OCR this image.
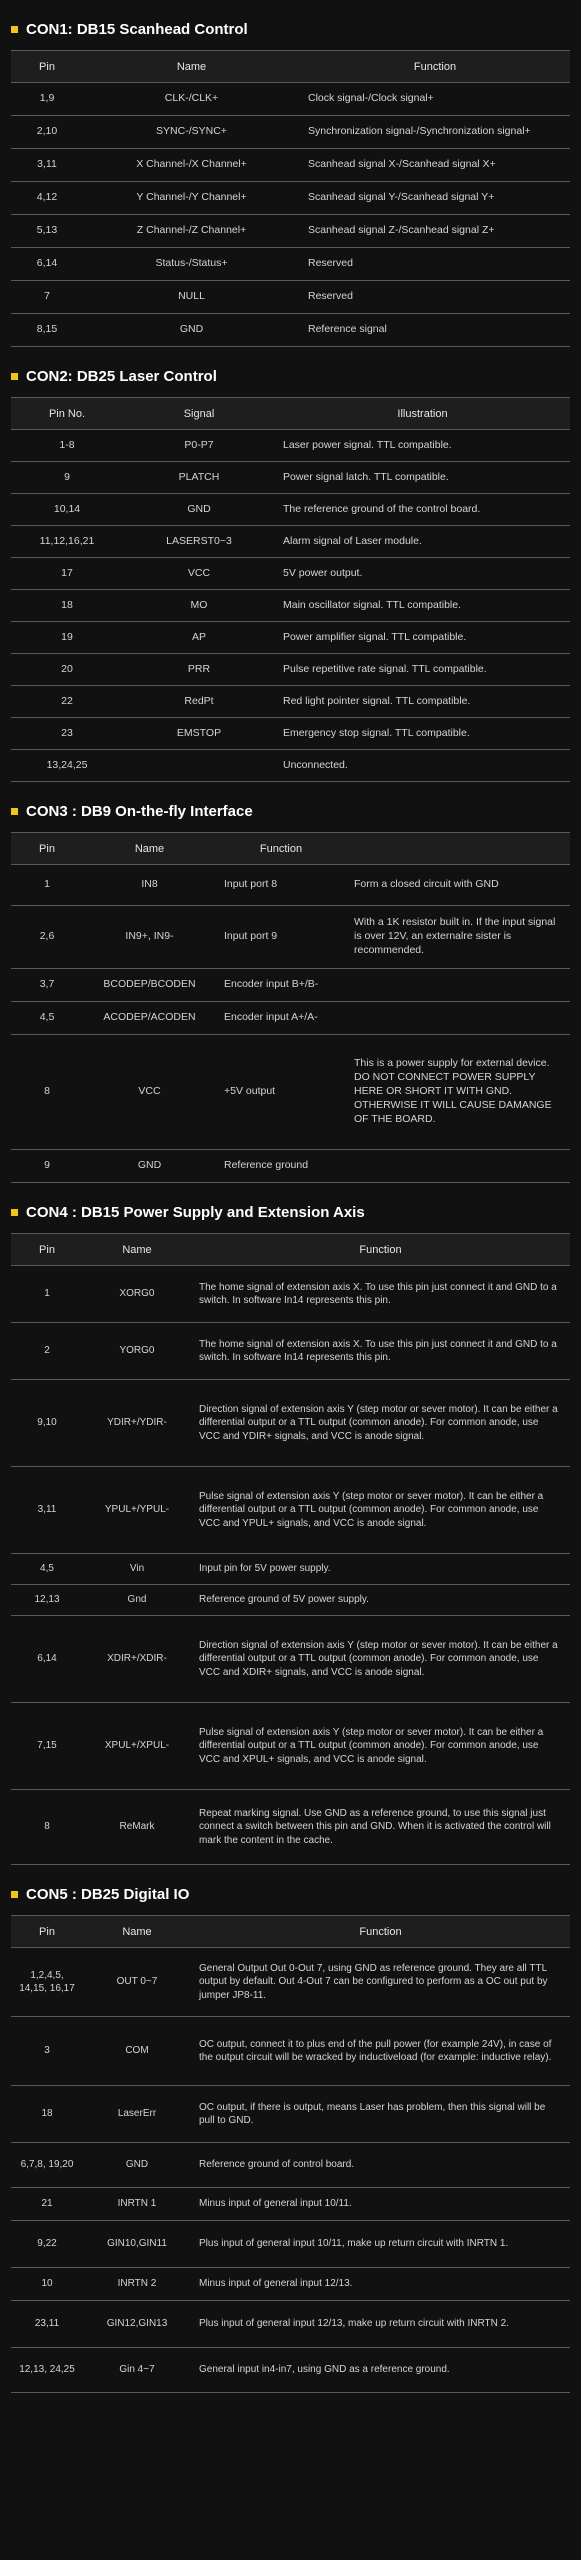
CON1: DB15 Scanhead Control
Pin	Name	Function
1,9	CLK-/CLK+	Clock signal-/Clock signal+
2,10	SYNC-/SYNC+	Synchronization signal-/Synchronization signal+
3,11	X Channel-/X Channel+	Scanhead signal X-/Scanhead signal X+
4,12	Y Channel-/Y Channel+	Scanhead signal Y-/Scanhead signal Y+
5,13	Z Channel-/Z Channel+	Scanhead signal Z-/Scanhead signal Z+
6,14	Status-/Status+	Reserved
7	NULL	Reserved
8,15	GND	Reference signal
CON2: DB25 Laser Control
Pin No.	Signal	Illustration
1-8	P0-P7	Laser power signal. TTL compatible.
9	PLATCH	Power signal latch. TTL compatible.
10,14	GND	The reference ground of the control board.
11,12,16,21	LASERST0~3	Alarm signal of Laser module.
17	VCC	5V power output.
18	MO	Main oscillator signal. TTL compatible.
19	AP	Power amplifier signal. TTL compatible.
20	PRR	Pulse repetitive rate signal. TTL compatible.
22	RedPt	Red light pointer signal. TTL compatible.
23	EMSTOP	Emergency stop signal. TTL compatible.
13,24,25		Unconnected.
CON3 : DB9 On-the-fly Interface
Pin	Name	Function	
1	IN8	Input port 8	Form a closed circuit with GND
2,6	IN9+, IN9-	Input port 9	With a 1K resistor built in. If the input signal is over 12V, an externalre sister is recommended.
3,7	BCODEP/BCODEN	Encoder input B+/B-	
4,5	ACODEP/ACODEN	Encoder input A+/A-	
8	VCC	+5V output	This is a power supply for external device. DO NOT CONNECT POWER SUPPLY HERE OR SHORT IT WITH GND. OTHERWISE IT WILL CAUSE DAMANGE OF THE BOARD.
9	GND	Reference ground	
CON4 : DB15 Power Supply and Extension Axis
Pin	Name	Function
1	XORG0	The home signal of extension axis X. To use this pin just connect it and GND to a switch. In software In14 represents this pin.
2	YORG0	The home signal of extension axis X. To use this pin just connect it and GND to a switch. In software In14 represents this pin.
9,10	YDIR+/YDIR-	Direction signal of extension axis Y (step motor or sever motor). It can be either a differential output or a TTL output (common anode). For common anode, use VCC and YDIR+ signals, and VCC is anode signal.
3,11	YPUL+/YPUL-	Pulse signal of extension axis Y (step motor or sever motor). It can be either a differential output or a TTL output (common anode). For common anode, use VCC and YPUL+ signals, and VCC is anode signal.
4,5	Vin	Input pin for 5V power supply.
12,13	Gnd	Reference ground of 5V power supply.
6,14	XDIR+/XDIR-	Direction signal of extension axis Y (step motor or sever motor). It can be either a differential output or a TTL output (common anode). For common anode, use VCC and XDIR+ signals, and VCC is anode signal.
7,15	XPUL+/XPUL-	Pulse signal of extension axis Y (step motor or sever motor). It can be either a differential output or a TTL output (common anode). For common anode, use VCC and XPUL+ signals, and VCC is anode signal.
8	ReMark	Repeat marking signal. Use GND as a reference ground, to use this signal just connect a switch between this pin and GND. When it is activated the control will mark the content in the cache.
CON5 : DB25 Digital IO
Pin	Name	Function
1,2,4,5, 14,15, 16,17	OUT 0~7	General Output Out 0-Out 7, using GND as reference ground. They are all TTL output by default. Out 4-Out 7 can be configured to perform as a OC out put by jumper JP8-11.
3	COM	OC output, connect it to plus end of the pull power (for example 24V), in case of the output circuit will be wracked by inductiveload (for example: inductive relay).
18	LaserErr	OC output, if there is output, means Laser has problem, then this signal will be pull to GND.
6,7,8, 19,20	GND	Reference ground of control board.
21	INRTN 1	Minus input of general input 10/11.
9,22	GIN10,GIN11	Plus input of general input 10/11, make up return circuit with INRTN 1.
10	INRTN 2	Minus input of general input 12/13.
23,11	GIN12,GIN13	Plus input of general input 12/13, make up return circuit with INRTN 2.
12,13, 24,25	Gin 4~7	General input in4-in7, using GND as a reference ground.
